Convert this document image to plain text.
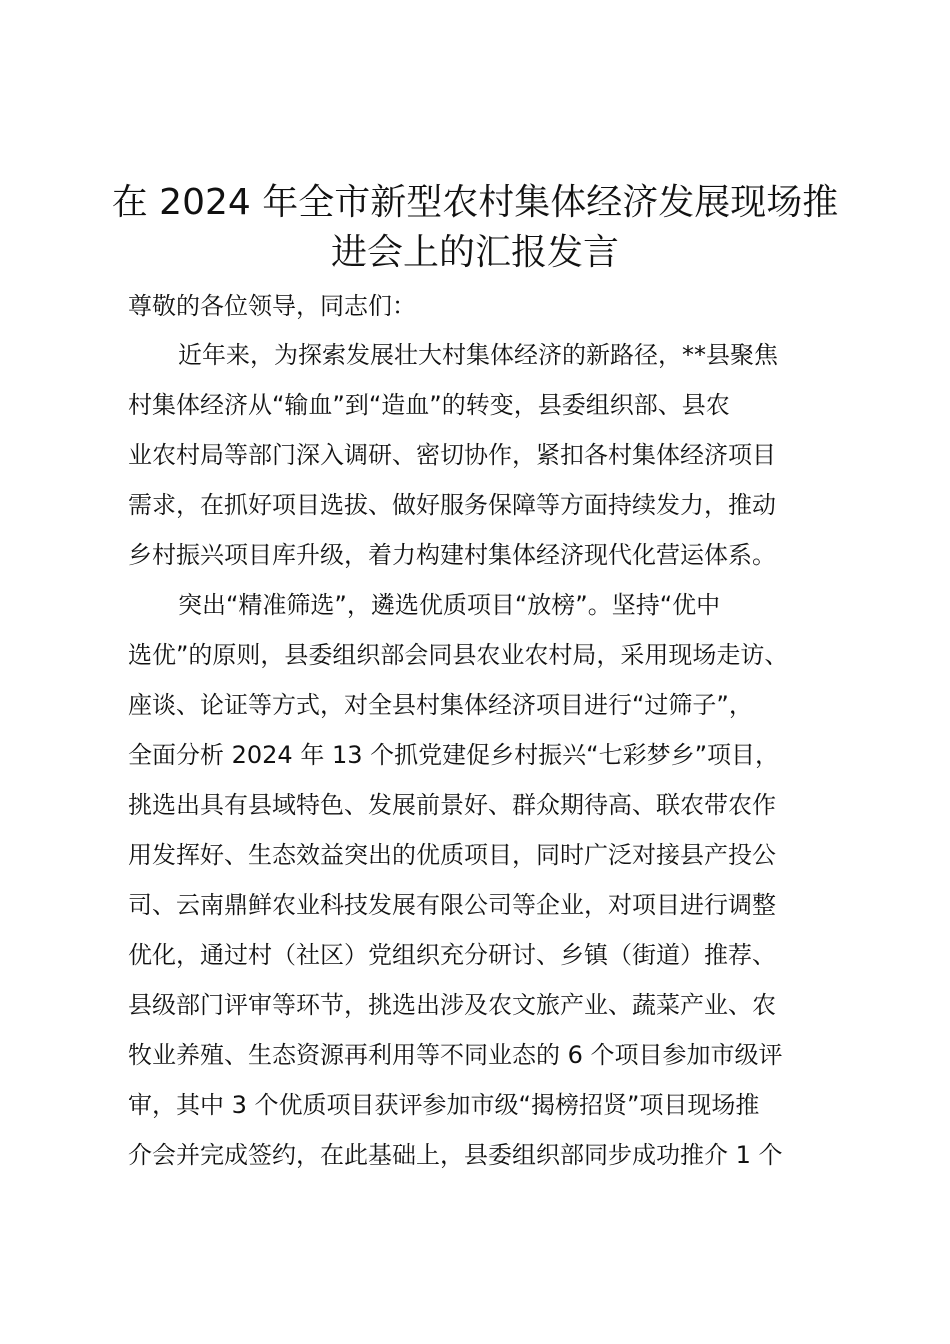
在 2024 年全市新型农村集体经济发展现场推
进会上的汇报发言

尊敬的各位领导，同志们：

近年来，为探索发展壮大村集体经济的新路径，**县聚焦
村集体经济从“输血”到“造血”的转变，县委组织部、县农
业农村局等部门深入调研、密切协作，紧扣各村集体经济项目
需求，在抓好项目选拔、做好服务保障等方面持续发力，推动
乡村振兴项目库升级，着力构建村集体经济现代化营运体系。
突出“精准筛选”，遴选优质项目“放榜”。坚持“优中
选优”的原则，县委组织部会同县农业农村局，采用现场走访、
座谈、论证等方式，对全县村集体经济项目进行“过筛子”，
全面分析 2024 年 13 个抓党建促乡村振兴“七彩梦乡”项目，
挑选出具有县域特色、发展前景好、群众期待高、联农带农作
用发挥好、生态效益突出的优质项目，同时广泛对接县产投公
司、云南鼎鲜农业科技发展有限公司等企业，对项目进行调整
优化，通过村（社区）党组织充分研讨、乡镇（街道）推荐、
县级部门评审等环节，挑选出涉及农文旅产业、蔬菜产业、农
牧业养殖、生态资源再利用等不同业态的 6 个项目参加市级评
审，其中 3 个优质项目获评参加市级“揭榜招贤”项目现场推
介会并完成签约，在此基础上，县委组织部同步成功推介 1 个
